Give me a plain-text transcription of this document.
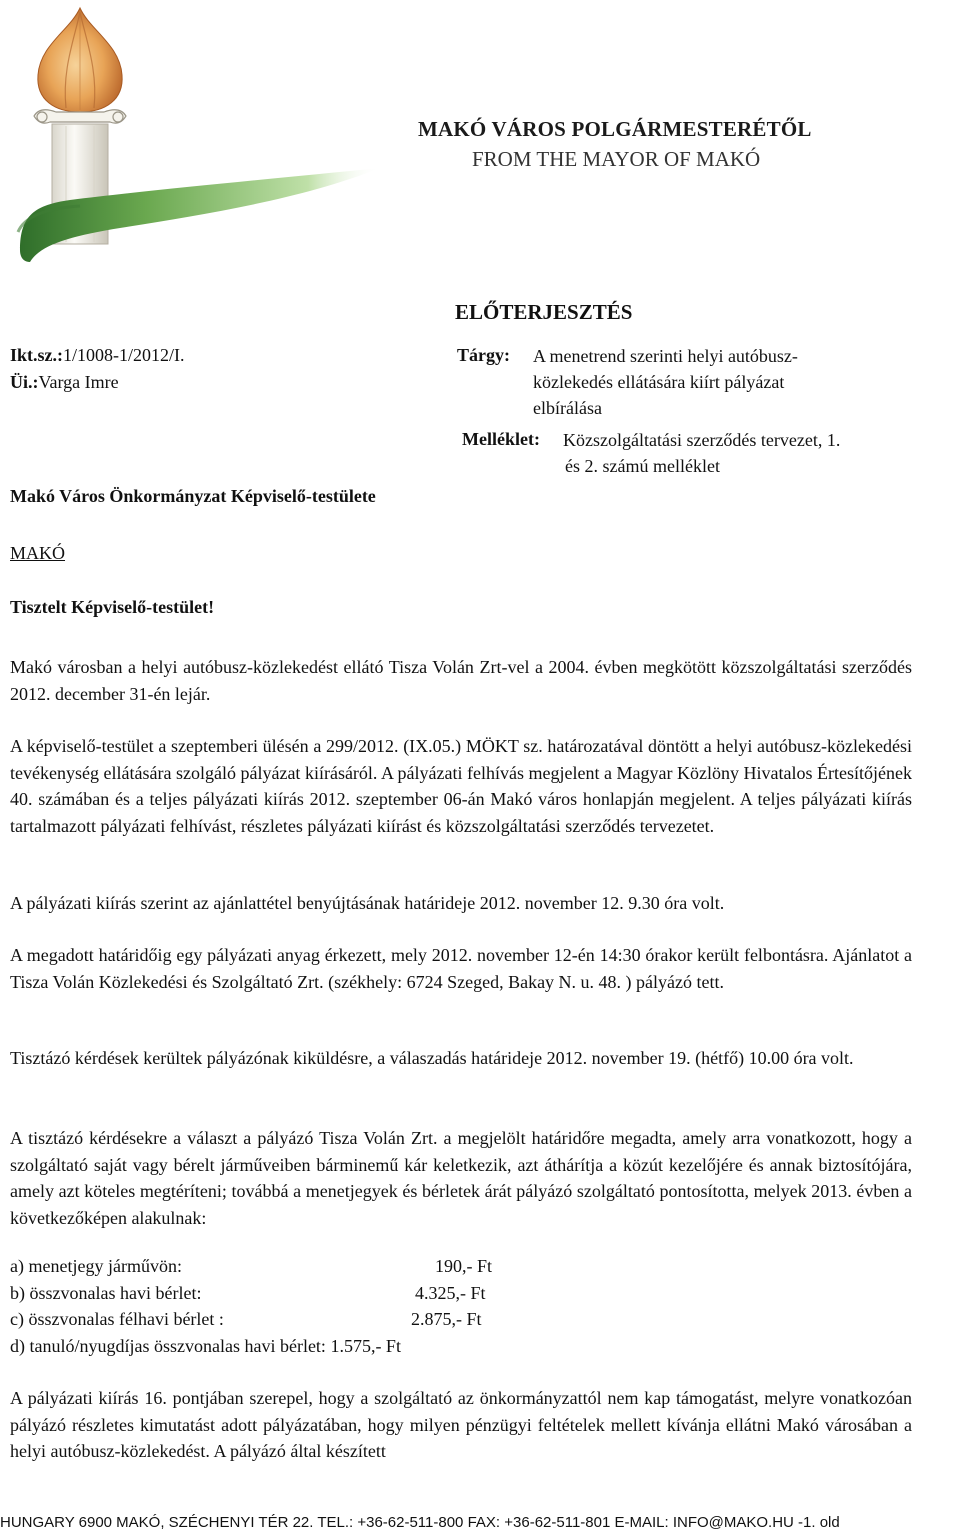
MAKÓ VÁROS POLGÁRMESTERÉTŐL
FROM THE MAYOR OF MAKÓ
ELŐTERJESZTÉS
Ikt.sz.:1/1008-1/2012/I.
Üi.:Varga Imre
Tárgy: A menetrend szerinti helyi autóbusz-
közlekedés ellátására kiírt pályázat
elbírálása
Melléklet: Közszolgáltatási szerződés tervezet, 1.
és 2. számú melléklet
Makó Város Önkormányzat Képviselő-testülete
MAKÓ
Tisztelt Képviselő-testület!
Makó városban a helyi autóbusz-közlekedést ellátó Tisza Volán Zrt-vel a 2004. évben megkötött közszolgáltatási szerződés 2012. december 31-én lejár.
A képviselő-testület a szeptemberi ülésén a 299/2012. (IX.05.) MÖKT sz. határozatával döntött a helyi autóbusz-közlekedési tevékenység ellátására szolgáló pályázat kiírásáról. A pályázati felhívás megjelent a Magyar Közlöny Hivatalos Értesítőjének 40. számában és a teljes pályázati kiírás 2012. szeptember 06-án Makó város honlapján megjelent. A teljes pályázati kiírás tartalmazott pályázati felhívást, részletes pályázati kiírást és közszolgáltatási szerződés tervezetet.
A pályázati kiírás szerint az ajánlattétel benyújtásának határideje 2012. november 12. 9.30 óra volt.
A megadott határidőig egy pályázati anyag érkezett, mely 2012. november 12-én 14:30 órakor került felbontásra. Ajánlatot a Tisza Volán Közlekedési és Szolgáltató Zrt. (székhely: 6724 Szeged, Bakay N. u. 48. ) pályázó tett.
Tisztázó kérdések kerültek pályázónak kiküldésre, a válaszadás határideje 2012. november 19. (hétfő) 10.00 óra volt.
A tisztázó kérdésekre a választ a pályázó Tisza Volán Zrt. a megjelölt határidőre megadta, amely arra vonatkozott, hogy a szolgáltató saját vagy bérelt járműveiben bárminemű kár keletkezik, azt áthárítja a közút kezelőjére és annak biztosítójára, amely azt köteles megtéríteni; továbbá a menetjegyek és bérletek árát pályázó szolgáltató pontosította, melyek 2013. évben a következőképen alakulnak:
a) menetjegy járművön:	190,- Ft
b) összvonalas havi bérlet:	4.325,- Ft
c) összvonalas félhavi bérlet :	2.875,- Ft
d) tanuló/nyugdíjas összvonalas havi bérlet: 1.575,- Ft
A pályázati kiírás 16. pontjában szerepel, hogy a szolgáltató az önkormányzattól nem kap támogatást, melyre vonatkozóan pályázó részletes kimutatást adott pályázatában, hogy milyen pénzügyi feltételek mellett kívánja ellátni Makó városában a helyi autóbusz-közlekedést. A pályázó által készített
HUNGARY 6900 MAKÓ, SZÉCHENYI TÉR 22. TEL.: +36-62-511-800 FAX: +36-62-511-801 E-MAIL: INFO@MAKO.HU -1. old
